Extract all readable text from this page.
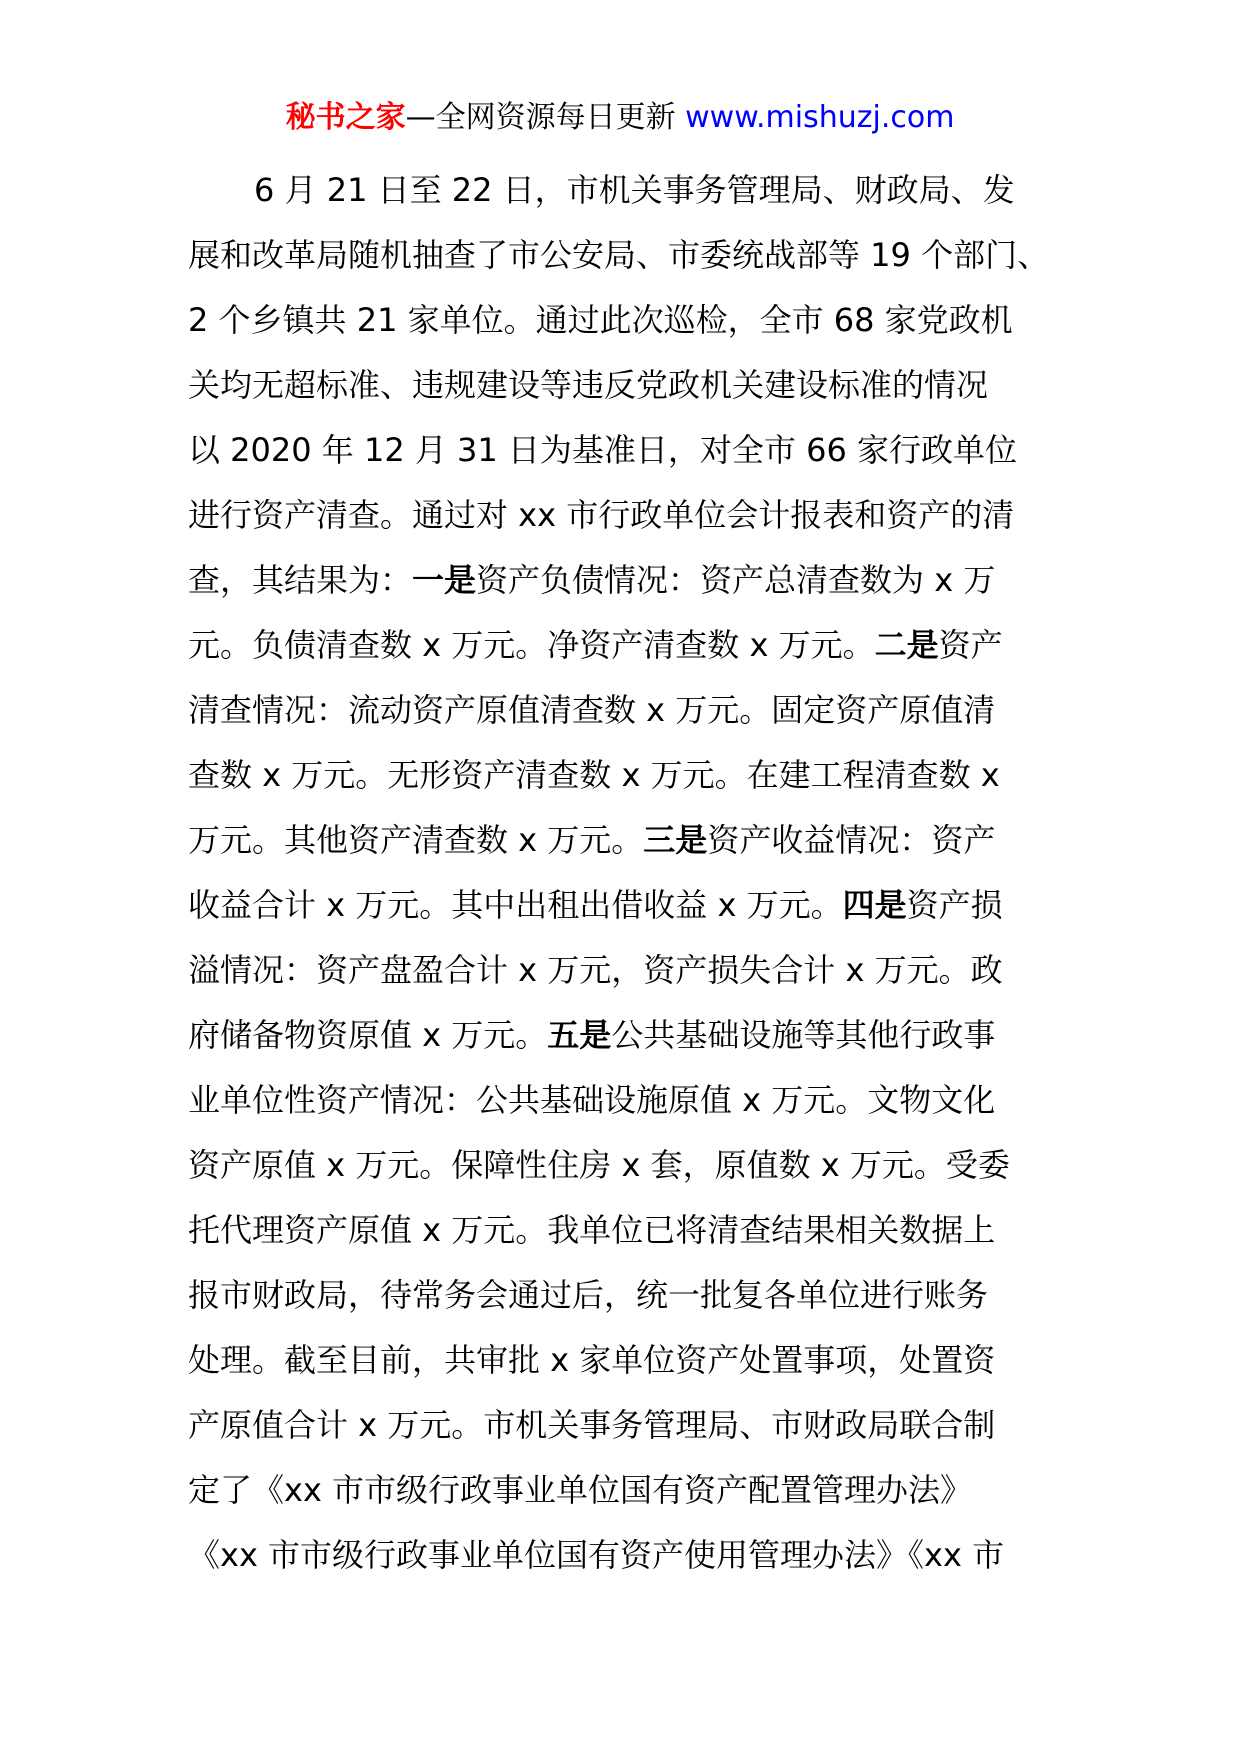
秘书之家—全网资源每日更新 www.mishuzj.com
6 月 21 日至 22 日，市机关事务管理局、财政局、发
展和改革局随机抽查了市公安局、市委统战部等 19 个部门、
2 个乡镇共 21 家单位。通过此次巡检，全市 68 家党政机
关均无超标准、违规建设等违反党政机关建设标准的情况
以 2020 年 12 月 31 日为基准日，对全市 66 家行政单位
进行资产清查。通过对 xx 市行政单位会计报表和资产的清
查，其结果为：一是资产负债情况：资产总清查数为 x 万
元。负债清查数 x 万元。净资产清查数 x 万元。二是资产
清查情况：流动资产原值清查数 x 万元。固定资产原值清
查数 x 万元。无形资产清查数 x 万元。在建工程清查数 x
万元。其他资产清查数 x 万元。三是资产收益情况：资产
收益合计 x 万元。其中出租出借收益 x 万元。四是资产损
溢情况：资产盘盈合计 x 万元，资产损失合计 x 万元。政
府储备物资原值 x 万元。五是公共基础设施等其他行政事
业单位性资产情况：公共基础设施原值 x 万元。文物文化
资产原值 x 万元。保障性住房 x 套，原值数 x 万元。受委
托代理资产原值 x 万元。我单位已将清查结果相关数据上
报市财政局，待常务会通过后，统一批复各单位进行账务
处理。截至目前，共审批 x 家单位资产处置事项，处置资
产原值合计 x 万元。市机关事务管理局、市财政局联合制
定了《xx 市市级行政事业单位国有资产配置管理办法》
《xx 市市级行政事业单位国有资产使用管理办法》《xx 市
